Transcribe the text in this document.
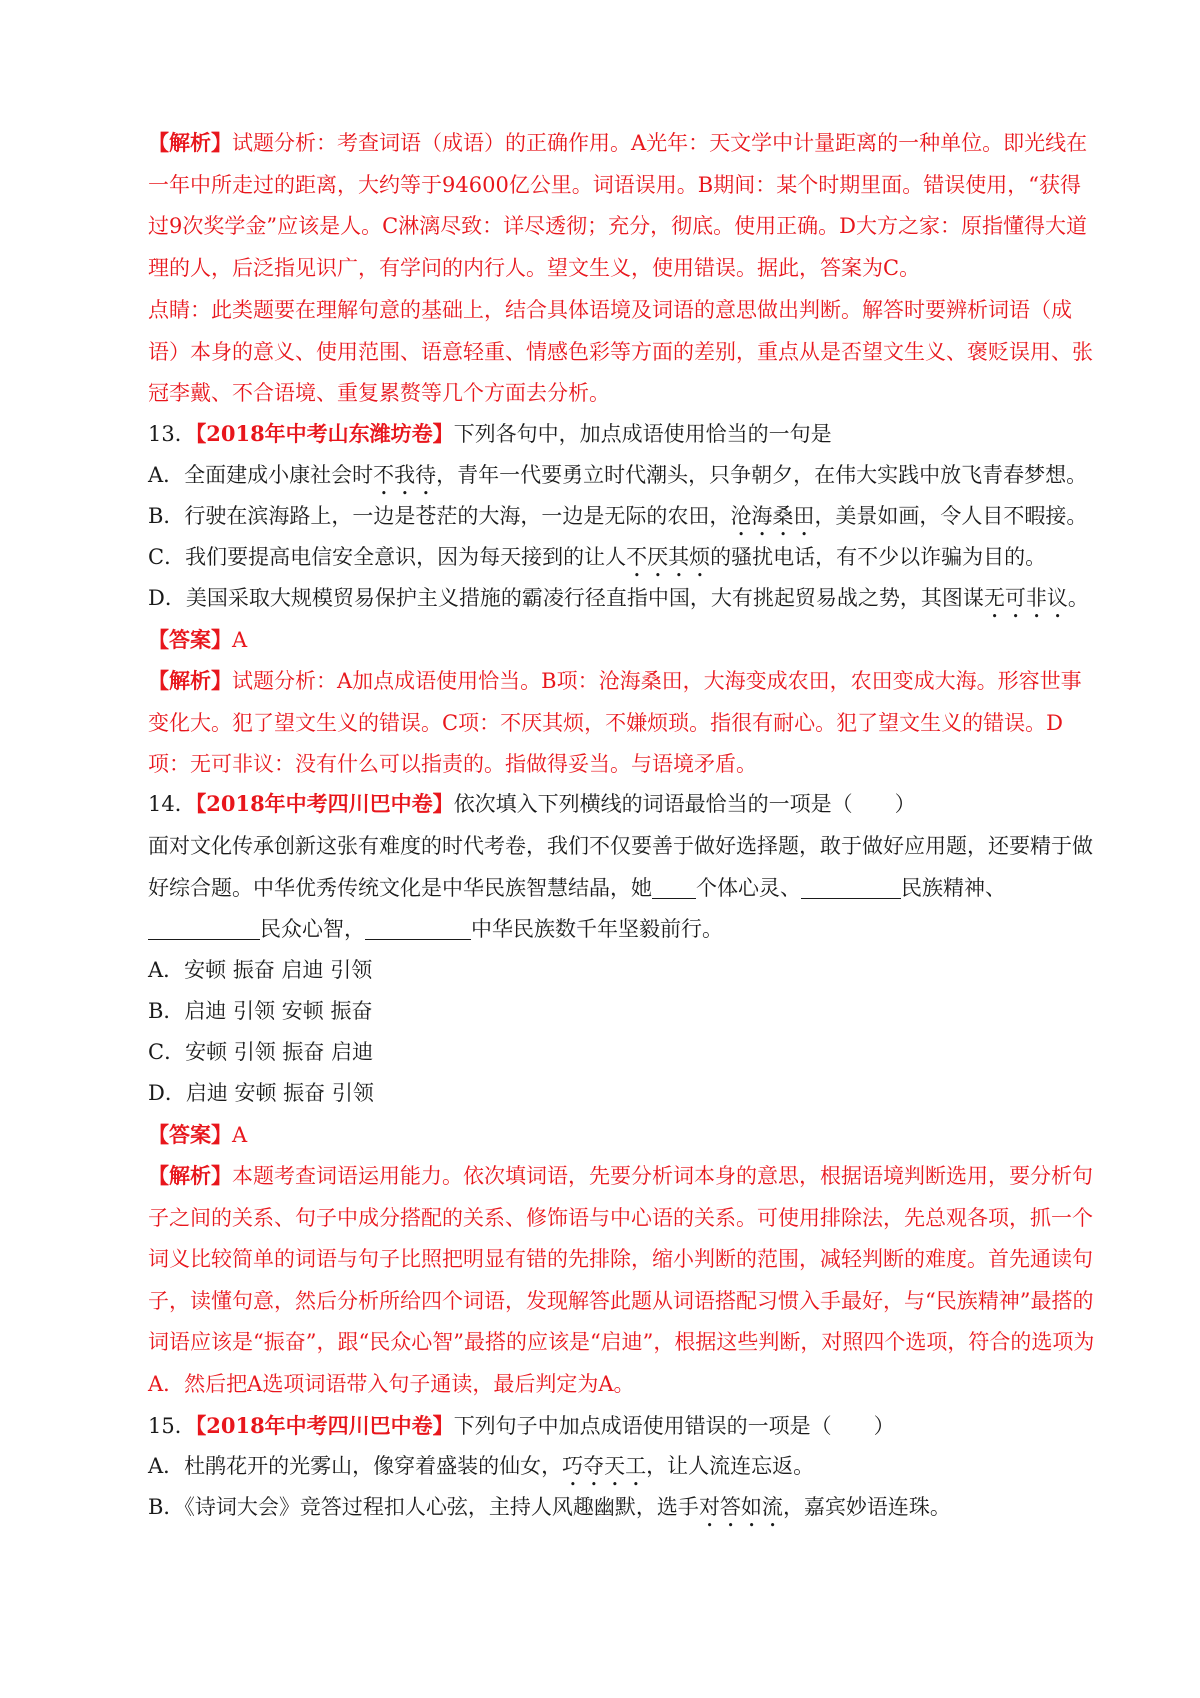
【解析】试题分析：考查词语（成语）的正确作用。A光年：天文学中计量距离的一种单位。即光线在一年中所走过的距离，大约等于94600亿公里。词语误用。B期间：某个时期里面。错误使用，“获得过9次奖学金”应该是人。C淋漓尽致：详尽透彻；充分，彻底。使用正确。D大方之家：原指懂得大道理的人，后泛指见识广，有学问的内行人。望文生义，使用错误。据此，答案为C。

点睛：此类题要在理解句意的基础上，结合具体语境及词语的意思做出判断。解答时要辨析词语（成语）本身的意义、使用范围、语意轻重、情感色彩等方面的差别，重点从是否望文生义、褒贬误用、张冠李戴、不合语境、重复累赘等几个方面去分析。

13．【2018年中考山东潍坊卷】下列各句中，加点成语使用恰当的一句是

A．全面建成小康社会时不我待，青年一代要勇立时代潮头，只争朝夕，在伟大实践中放飞青春梦想。

B．行驶在滨海路上，一边是苍茫的大海，一边是无际的农田，沧海桑田，美景如画，令人目不暇接。

C．我们要提高电信安全意识，因为每天接到的让人不厌其烦的骚扰电话，有不少以诈骗为目的。

D．美国采取大规模贸易保护主义措施的霸凌行径直指中国，大有挑起贸易战之势，其图谋无可非议。

【答案】A

【解析】试题分析：A加点成语使用恰当。B项：沧海桑田，大海变成农田，农田变成大海。形容世事变化大。犯了望文生义的错误。C项：不厌其烦，不嫌烦琐。指很有耐心。犯了望文生义的错误。D项：无可非议：没有什么可以指责的。指做得妥当。与语境矛盾。

14．【2018年中考四川巴中卷】依次填入下列横线的词语最恰当的一项是（　　）

面对文化传承创新这张有难度的时代考卷，我们不仅要善于做好选择题，敢于做好应用题，还要精于做好综合题。中华优秀传统文化是中华民族智慧结晶，她 个体心灵、	民族精神、民众心智，	中华民族数千年坚毅前行。

A．安顿 振奋 启迪 引领

B．启迪 引领 安顿 振奋

C．安顿 引领 振奋 启迪

D．启迪 安顿 振奋 引领

【答案】A

【解析】本题考查词语运用能力。依次填词语，先要分析词本身的意思，根据语境判断选用，要分析句子之间的关系、句子中成分搭配的关系、修饰语与中心语的关系。可使用排除法，先总观各项，抓一个词义比较简单的词语与句子比照把明显有错的先排除，缩小判断的范围，减轻判断的难度。首先通读句子，读懂句意，然后分析所给四个词语，发现解答此题从词语搭配习惯入手最好，与“民族精神”最搭的词语应该是“振奋”，跟“民众心智”最搭的应该是“启迪”，根据这些判断，对照四个选项，符合的选项为A．然后把A选项词语带入句子通读，最后判定为A。

15．【2018年中考四川巴中卷】下列句子中加点成语使用错误的一项是（　　）

A．杜鹃花开的光雾山，像穿着盛装的仙女，巧夺天工，让人流连忘返。

B．《诗词大会》竞答过程扣人心弦，主持人风趣幽默，选手对答如流，嘉宾妙语连珠。
